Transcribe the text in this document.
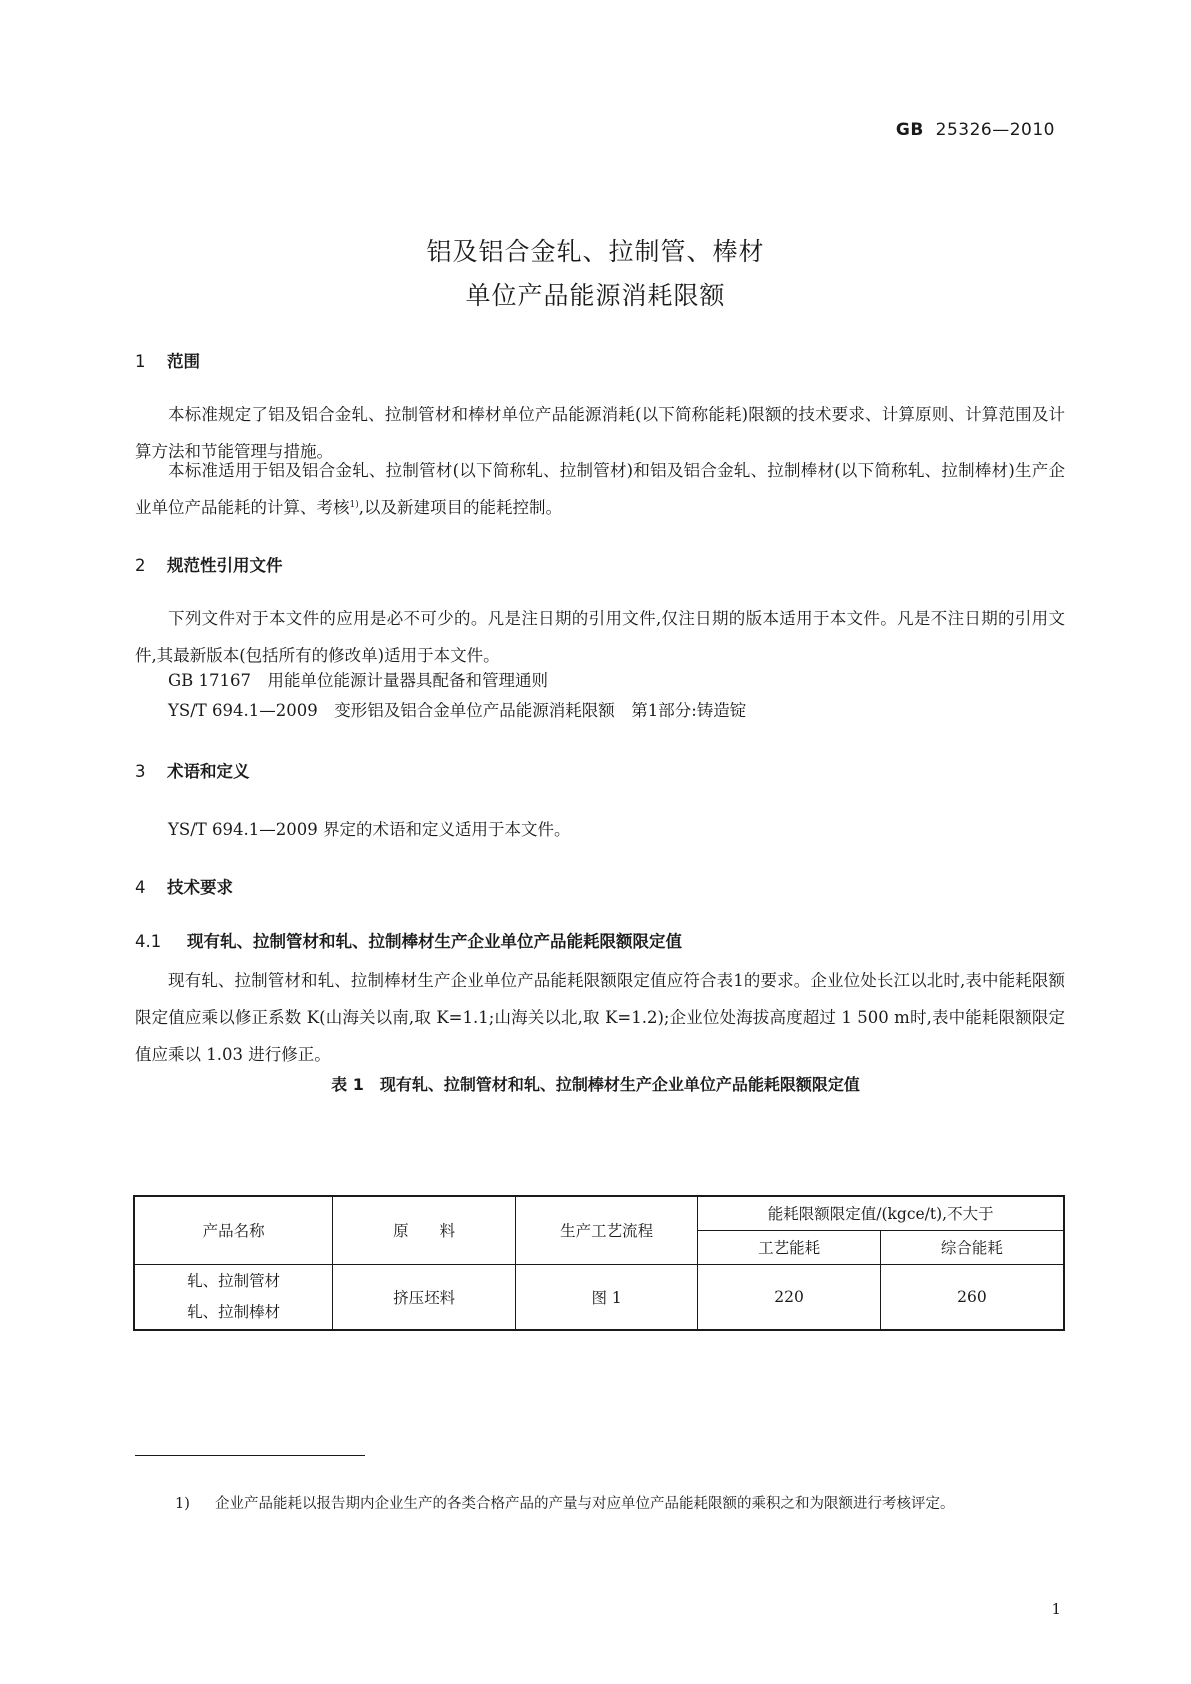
GB 25326—2010
铝及铝合金轧、拉制管、棒材
单位产品能源消耗限额
1 范围
本标准规定了铝及铝合金轧、拉制管材和棒材单位产品能源消耗(以下简称能耗)限额的技术要求、计算原则、计算范围及计算方法和节能管理与措施。
本标准适用于铝及铝合金轧、拉制管材(以下简称轧、拉制管材)和铝及铝合金轧、拉制棒材(以下简称轧、拉制棒材)生产企业单位产品能耗的计算、考核$^{1)}$,以及新建项目的能耗控制。
2 规范性引用文件
下列文件对于本文件的应用是必不可少的。凡是注日期的引用文件,仅注日期的版本适用于本文件。凡是不注日期的引用文件,其最新版本(包括所有的修改单)适用于本文件。
GB 17167　用能单位能源计量器具配备和管理通则
YS/T 694.1—2009　变形铝及铝合金单位产品能源消耗限额　第1部分:铸造锭
3 术语和定义
YS/T 694.1—2009 界定的术语和定义适用于本文件。
4 技术要求
4.1 现有轧、拉制管材和轧、拉制棒材生产企业单位产品能耗限额限定值
现有轧、拉制管材和轧、拉制棒材生产企业单位产品能耗限额限定值应符合表1的要求。企业位处长江以北时,表中能耗限额限定值应乘以修正系数 K(山海关以南,取 K=1.1;山海关以北,取 K=1.2);企业位处海拔高度超过 1 500 m时,表中能耗限额限定值应乘以 1.03 进行修正。
表 1　现有轧、拉制管材和轧、拉制棒材生产企业单位产品能耗限额限定值
产品名称	原　　料	生产工艺流程	能耗限额限定值/(kgce/t),不大于	
			工艺能耗	综合能耗

轧、拉制管材
轧、拉制棒材	挤压坯料	图 1	220	260
1) 企业产品能耗以报告期内企业生产的各类合格产品的产量与对应单位产品能耗限额的乘积之和为限额进行考核评定。
1
